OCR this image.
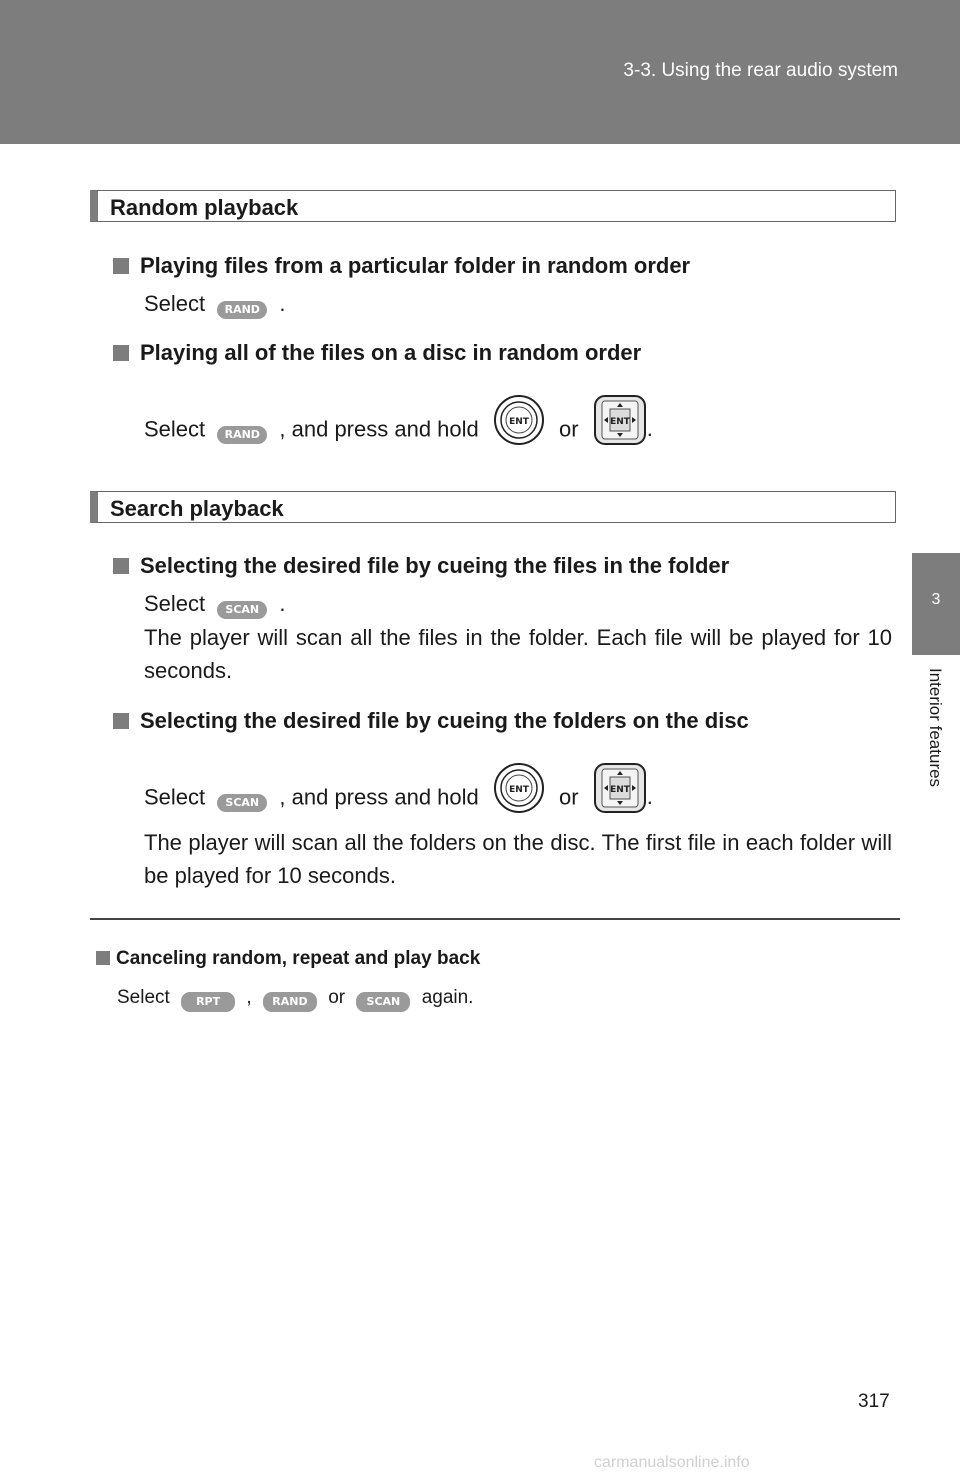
3-3. Using the rear audio system
3
Interior features
Random playback
Playing files from a particular folder in random order
Select RAND .
Playing all of the files on a disc in random order
Select RAND , and press and hold	ENT or	ENT .
Search playback
Selecting the desired file by cueing the files in the folder
Select SCAN .
The player will scan all the files in the folder. Each file will be played for 10 seconds.
Selecting the desired file by cueing the folders on the disc
Select SCAN , and press and hold	ENT or	ENT .
The player will scan all the folders on the disc. The first file in each folder will be played for 10 seconds.
Canceling random, repeat and play back
Select RPT , RAND or SCAN again.
317
carmanualsonline.info
